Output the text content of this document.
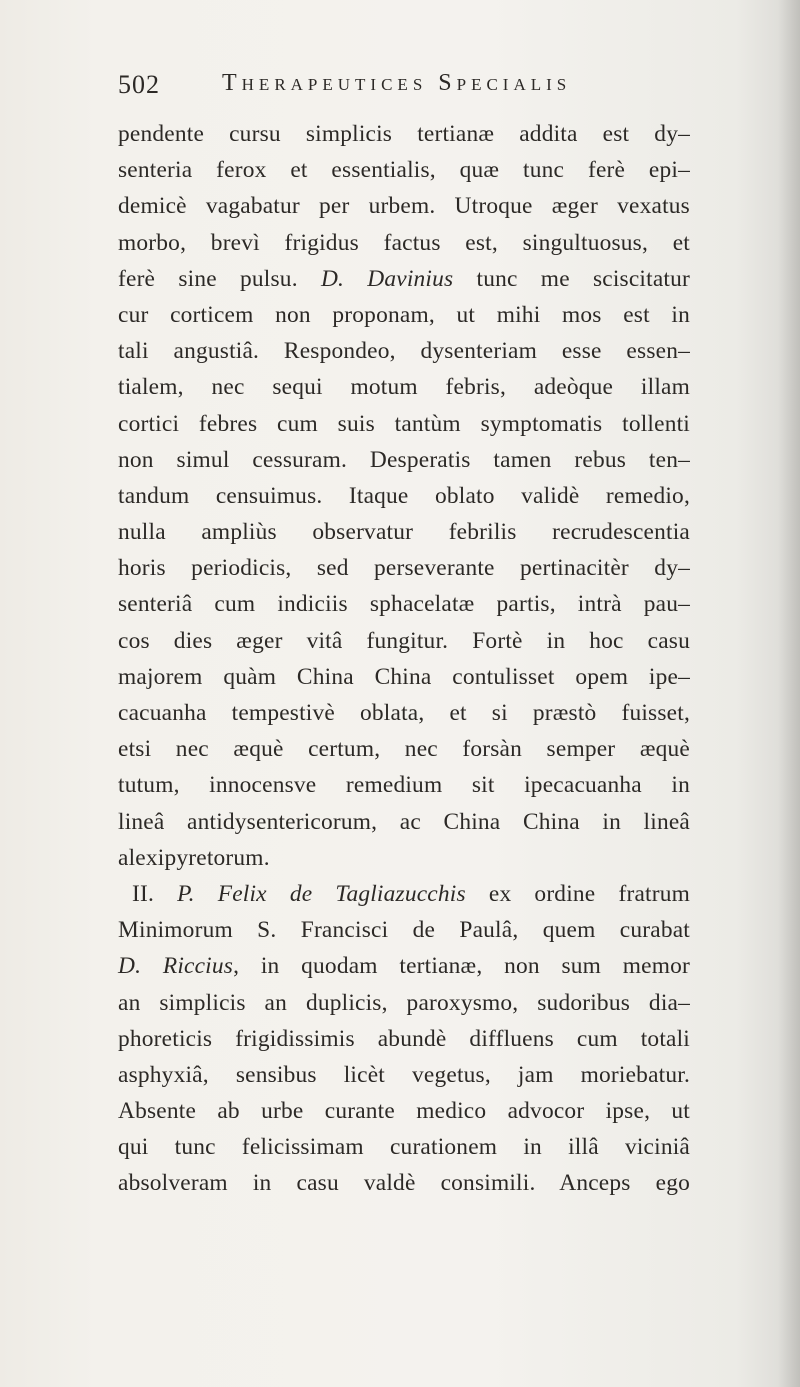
502	Therapeutices Specialis
pendente cursu simplicis tertianæ addita est dy–
senteria ferox et essentialis, quæ tunc ferè epi–
demicè vagabatur per urbem. Utroque æger vexatus
morbo, brevì frigidus factus est, singultuosus, et
ferè sine pulsu. D. Davinius tunc me sciscitatur
cur corticem non proponam, ut mihi mos est in
tali angustiâ. Respondeo, dysenteriam esse essen–
tialem, nec sequi motum febris, adeòque illam
cortici febres cum suis tantùm symptomatis tollenti
non simul cessuram. Desperatis tamen rebus ten–
tandum censuimus. Itaque oblato validè remedio,
nulla ampliùs observatur febrilis recrudescentia
horis periodicis, sed perseverante pertinacitèr dy–
senteriâ cum indiciis sphacelatæ partis, intrà pau–
cos dies æger vitâ fungitur. Fortè in hoc casu
majorem quàm China China contulisset opem ipe–
cacuanha tempestivè oblata, et si præstò fuisset,
etsi nec æquè certum, nec forsàn semper æquè
tutum, innocensve remedium sit ipecacuanha in
lineâ antidysentericorum, ac China China in lineâ
alexipyretorum.
II. P. Felix de Tagliazucchis ex ordine fratrum
Minimorum S. Francisci de Paulâ, quem curabat
D. Riccius, in quodam tertianæ, non sum memor
an simplicis an duplicis, paroxysmo, sudoribus dia–
phoreticis frigidissimis abundè diffluens cum totali
asphyxiâ, sensibus licèt vegetus, jam moriebatur.
Absente ab urbe curante medico advocor ipse, ut
qui tunc felicissimam curationem in illâ viciniâ
absolveram in casu valdè consimili. Anceps ego
